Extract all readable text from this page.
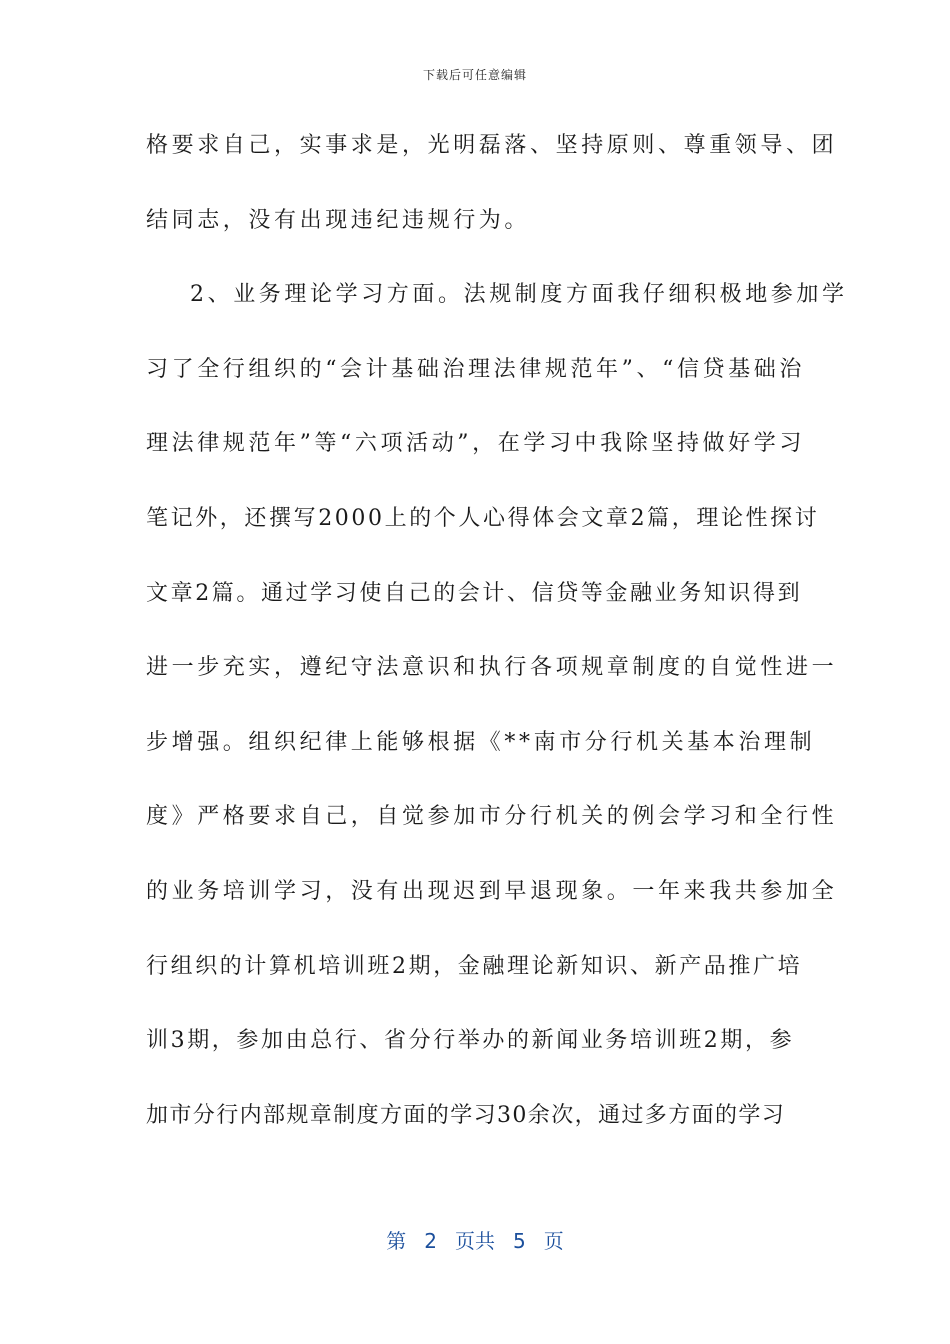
下载后可任意编辑
格要求自己，实事求是，光明磊落、坚持原则、尊重领导、团
结同志，没有出现违纪违规行为。
2、业务理论学习方面。法规制度方面我仔细积极地参加学
习了全行组织的“会计基础治理法律规范年”、“信贷基础治
理法律规范年”等“六项活动”，在学习中我除坚持做好学习
笔记外，还撰写2000上的个人心得体会文章2篇，理论性探讨
文章2篇。通过学习使自己的会计、信贷等金融业务知识得到
进一步充实，遵纪守法意识和执行各项规章制度的自觉性进一
步增强。组织纪律上能够根据《**南市分行机关基本治理制
度》严格要求自己，自觉参加市分行机关的例会学习和全行性
的业务培训学习，没有出现迟到早退现象。一年来我共参加全
行组织的计算机培训班2期，金融理论新知识、新产品推广培
训3期，参加由总行、省分行举办的新闻业务培训班2期，参
加市分行内部规章制度方面的学习30余次，通过多方面的学习
第 2 页共 5 页
